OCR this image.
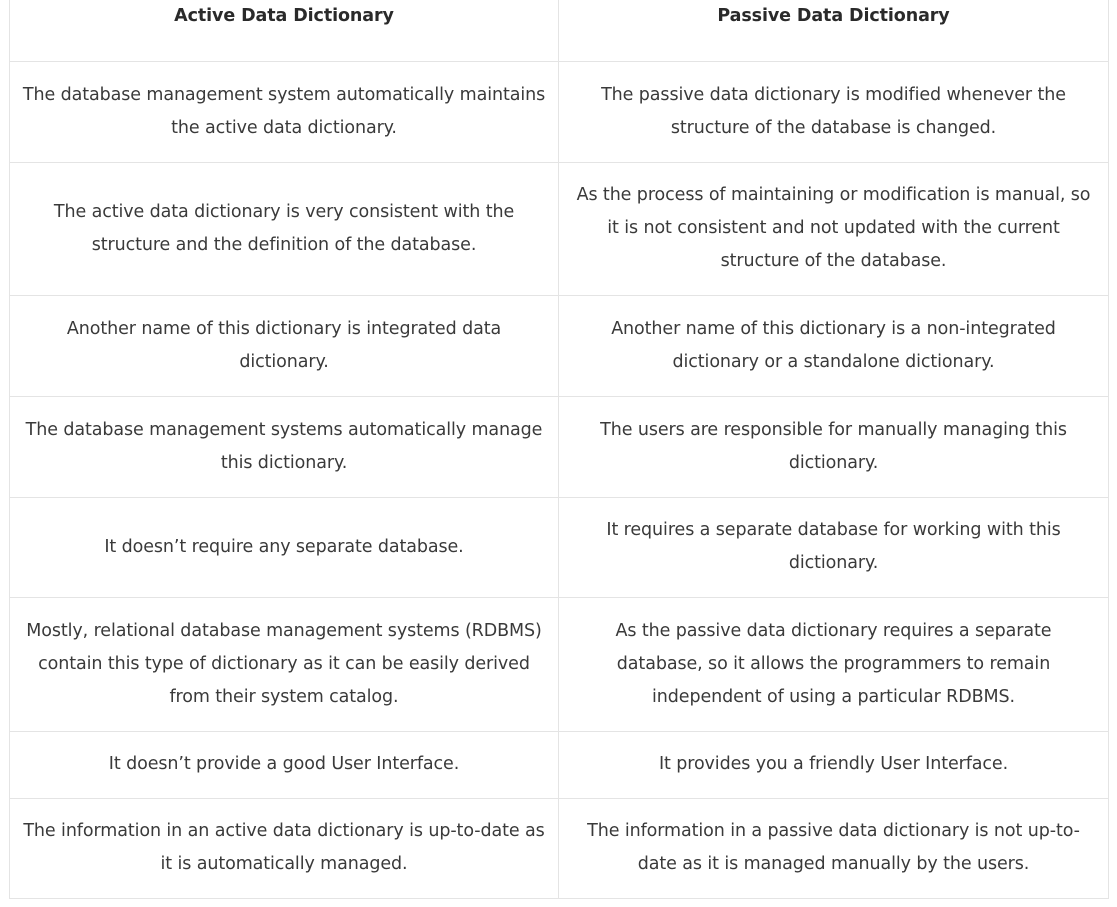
Active Data Dictionary	Passive Data Dictionary
The database management system automatically maintains the active data dictionary.	The passive data dictionary is modified whenever the structure of the database is changed.
The active data dictionary is very consistent with the structure and the definition of the database.	As the process of maintaining or modification is manual, so it is not consistent and not updated with the current structure of the database.
Another name of this dictionary is integrated data dictionary.	Another name of this dictionary is a non-integrated dictionary or a standalone dictionary.
The database management systems automatically manage this dictionary.	The users are responsible for manually managing this dictionary.
It doesn’t require any separate database.	It requires a separate database for working with this dictionary.
Mostly, relational database management systems (RDBMS) contain this type of dictionary as it can be easily derived from their system catalog.	As the passive data dictionary requires a separate database, so it allows the programmers to remain independent of using a particular RDBMS.
It doesn’t provide a good User Interface.	It provides you a friendly User Interface.
The information in an active data dictionary is up-to-date as it is automatically managed.	The information in a passive data dictionary is not up-to-date as it is managed manually by the users.
